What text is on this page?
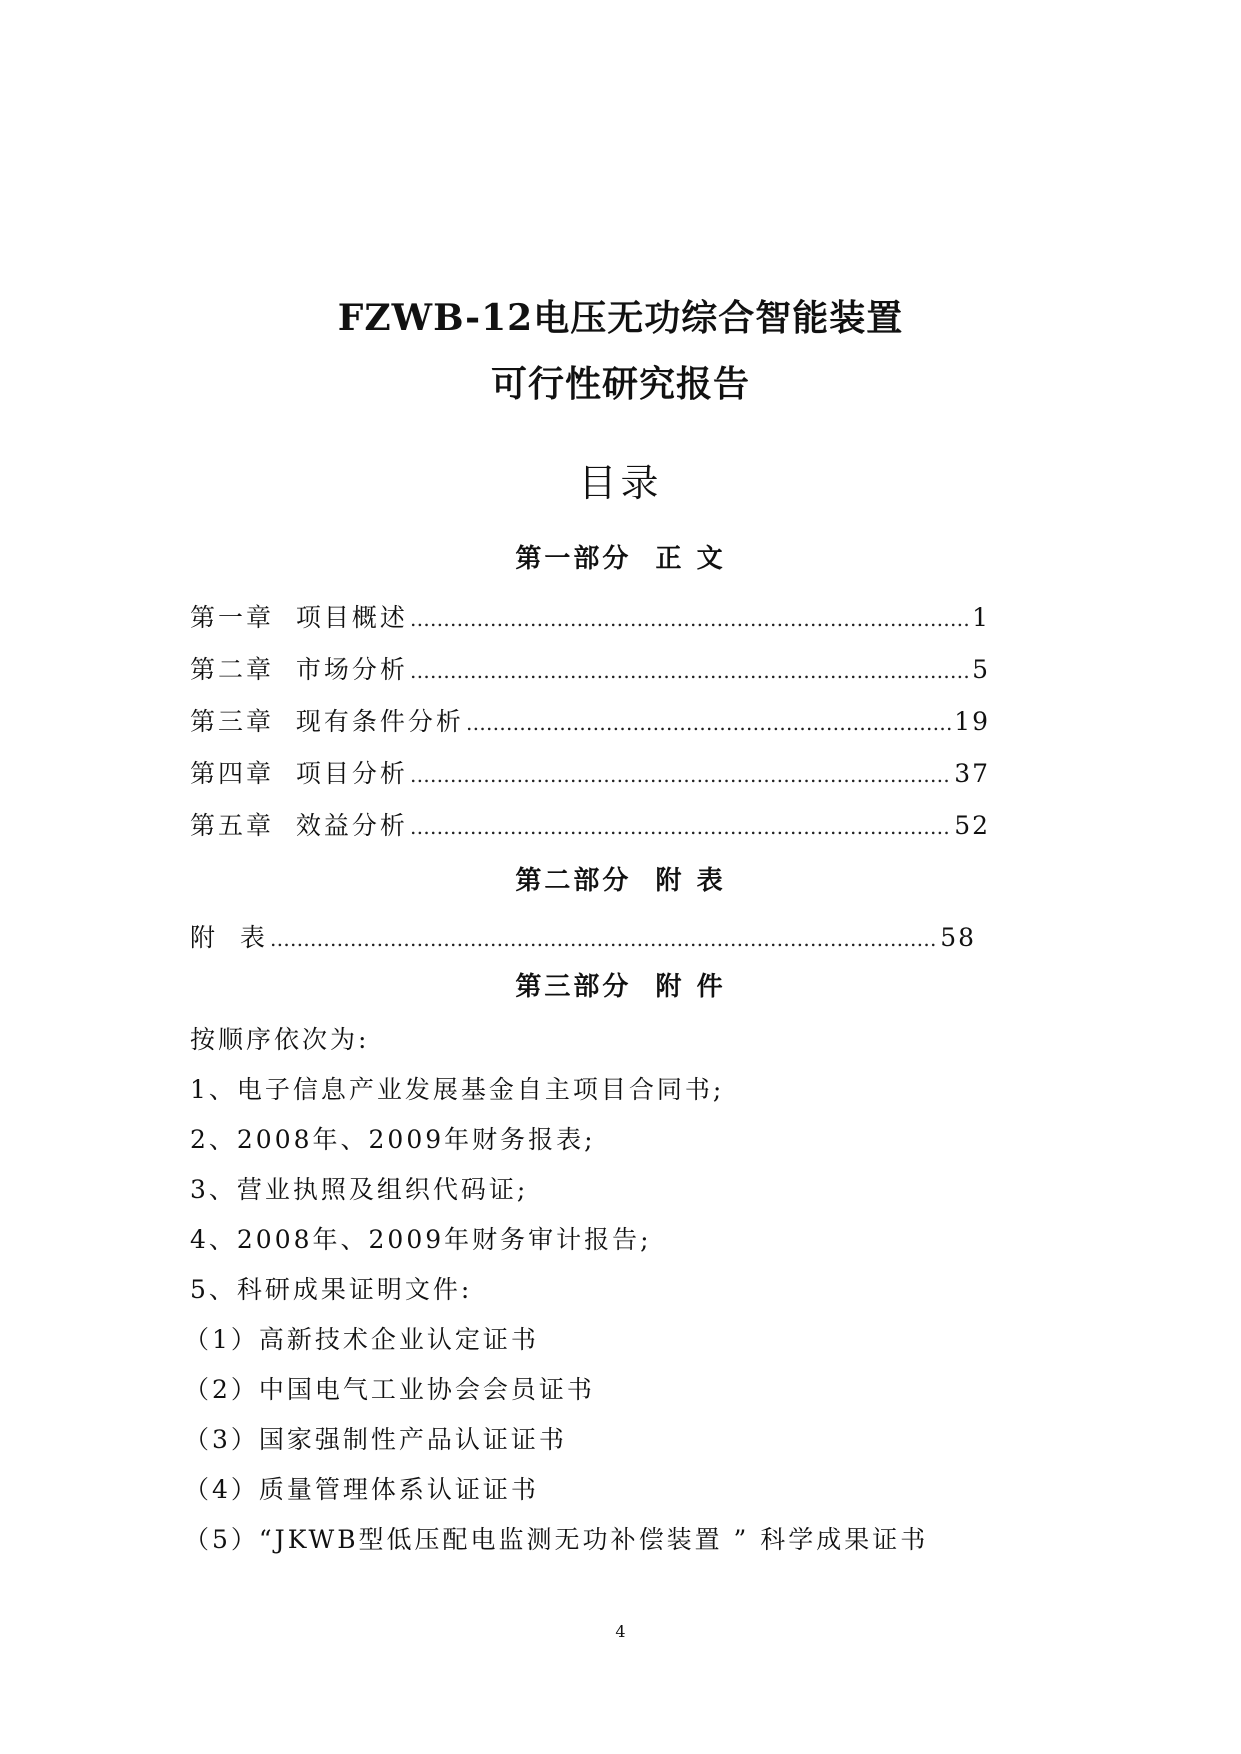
FZWB-12电压无功综合智能装置
可行性研究报告
目录
第一部分  正 文
第一章  项目概述 …………………………………………………………………………………………………………………………………………………………………	1
第二章  市场分析 …………………………………………………………………………………………………………………………………………………………………	5
第三章  现有条件分析 …………………………………………………………………………………………………………………………………………………………………	19
第四章  项目分析 …………………………………………………………………………………………………………………………………………………………………	37
第五章  效益分析 …………………………………………………………………………………………………………………………………………………………………	52
第二部分  附 表
附  表 …………………………………………………………………………………………………………………………………………………………………	58
第三部分  附 件
按顺序依次为:
1、电子信息产业发展基金自主项目合同书;
2、2008年、2009年财务报表;
3、营业执照及组织代码证;
4、2008年、2009年财务审计报告;
5、科研成果证明文件:
（1）高新技术企业认定证书
（2）中国电气工业协会会员证书
（3）国家强制性产品认证证书
（4）质量管理体系认证证书
（5）“JKWB型低压配电监测无功补偿装置 ” 科学成果证书
4
